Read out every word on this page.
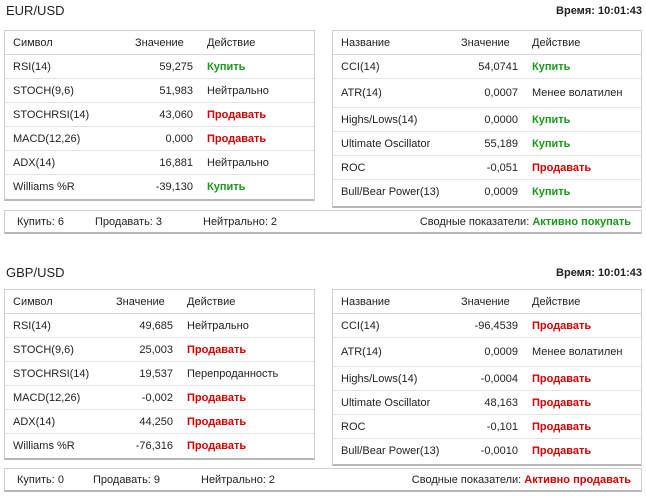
EUR/USD	Время: 10:01:43
Символ	Значение	Действие
RSI(14)	59,275	Купить
STOCH(9,6)	51,983	Нейтрально
STOCHRSI(14)	43,060	Продавать
MACD(12,26)	0,000	Продавать
ADX(14)	16,881	Нейтрально
Williams %R	-39,130	Купить
Название	Значение	Действие
CCI(14)	54,0741	Купить
ATR(14)	0,0007	Менее волатилен
Highs/Lows(14)	0,0000	Купить
Ultimate Oscillator	55,189	Купить
ROC	-0,051	Продавать
Bull/Bear Power(13)	0,0009	Купить
Купить: 6	Продавать: 3	Нейтрально: 2	Сводные показатели: Активно покупать
GBP/USD	Время: 10:01:43
Символ	Значение	Действие
RSI(14)	49,685	Нейтрально
STOCH(9,6)	25,003	Продавать
STOCHRSI(14)	19,537	Перепроданность
MACD(12,26)	-0,002	Продавать
ADX(14)	44,250	Продавать
Williams %R	-76,316	Продавать
Название	Значение	Действие
CCI(14)	-96,4539	Продавать
ATR(14)	0,0009	Менее волатилен
Highs/Lows(14)	-0,0004	Продавать
Ultimate Oscillator	48,163	Продавать
ROC	-0,101	Продавать
Bull/Bear Power(13)	-0,0010	Продавать
Купить: 0	Продавать: 9	Нейтрально: 2	Сводные показатели: Активно продавать
